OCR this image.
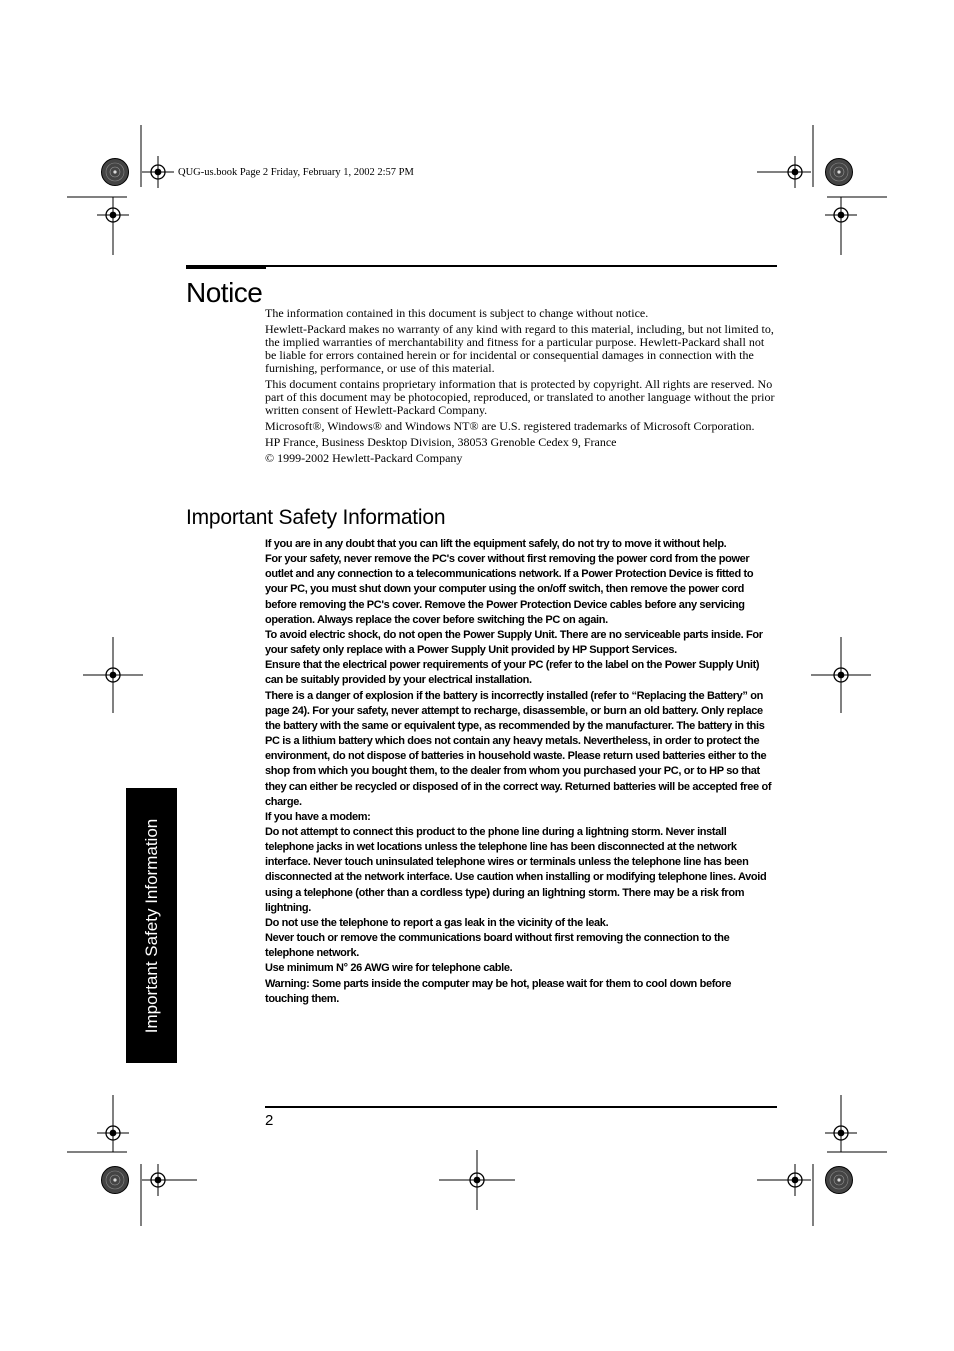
QUG-us.book Page 2 Friday, February 1, 2002 2:57 PM
Notice

The information contained in this document is subject to change without notice.

Hewlett-Packard makes no warranty of any kind with regard to this material, including, but not limited to, the implied warranties of merchantability and fitness for a particular purpose. Hewlett-Packard shall not be liable for errors contained herein or for incidental or consequential damages in connection with the furnishing, performance, or use of this material.

This document contains proprietary information that is protected by copyright. All rights are reserved. No part of this document may be photocopied, reproduced, or translated to another language without the prior written consent of Hewlett-Packard Company.

Microsoft®, Windows® and Windows NT® are U.S. registered trademarks of Microsoft Corporation.

HP France, Business Desktop Division, 38053 Grenoble Cedex 9, France

© 1999-2002 Hewlett-Packard Company

Important Safety Information

If you are in any doubt that you can lift the equipment safely, do not try to move it without help.

For your safety, never remove the PC's cover without first removing the power cord from the power outlet and any connection to a telecommunications network. If a Power Protection Device is fitted to your PC, you must shut down your computer using the on/off switch, then remove the power cord before removing the PC's cover. Remove the Power Protection Device cables before any servicing operation. Always replace the cover before switching the PC on again.

To avoid electric shock, do not open the Power Supply Unit. There are no serviceable parts inside. For your safety only replace with a Power Supply Unit provided by HP Support Services.

Ensure that the electrical power requirements of your PC (refer to the label on the Power Supply Unit) can be suitably provided by your electrical installation.

There is a danger of explosion if the battery is incorrectly installed (refer to “Replacing the Battery” on page 24). For your safety, never attempt to recharge, disassemble, or burn an old battery. Only replace the battery with the same or equivalent type, as recommended by the manufacturer. The battery in this PC is a lithium battery which does not contain any heavy metals. Nevertheless, in order to protect the environment, do not dispose of batteries in household waste. Please return used batteries either to the shop from which you bought them, to the dealer from whom you purchased your PC, or to HP so that they can either be recycled or disposed of in the correct way. Returned batteries will be accepted free of charge.

If you have a modem:

Do not attempt to connect this product to the phone line during a lightning storm. Never install telephone jacks in wet locations unless the telephone line has been disconnected at the network interface. Never touch uninsulated telephone wires or terminals unless the telephone line has been disconnected at the network interface. Use caution when installing or modifying telephone lines. Avoid using a telephone (other than a cordless type) during an lightning storm. There may be a risk from lightning.

Do not use the telephone to report a gas leak in the vicinity of the leak.

Never touch or remove the communications board without first removing the connection to the telephone network.

Use minimum N° 26 AWG wire for telephone cable.

Warning: Some parts inside the computer may be hot, please wait for them to cool down before touching them.

Important Safety Information
2
